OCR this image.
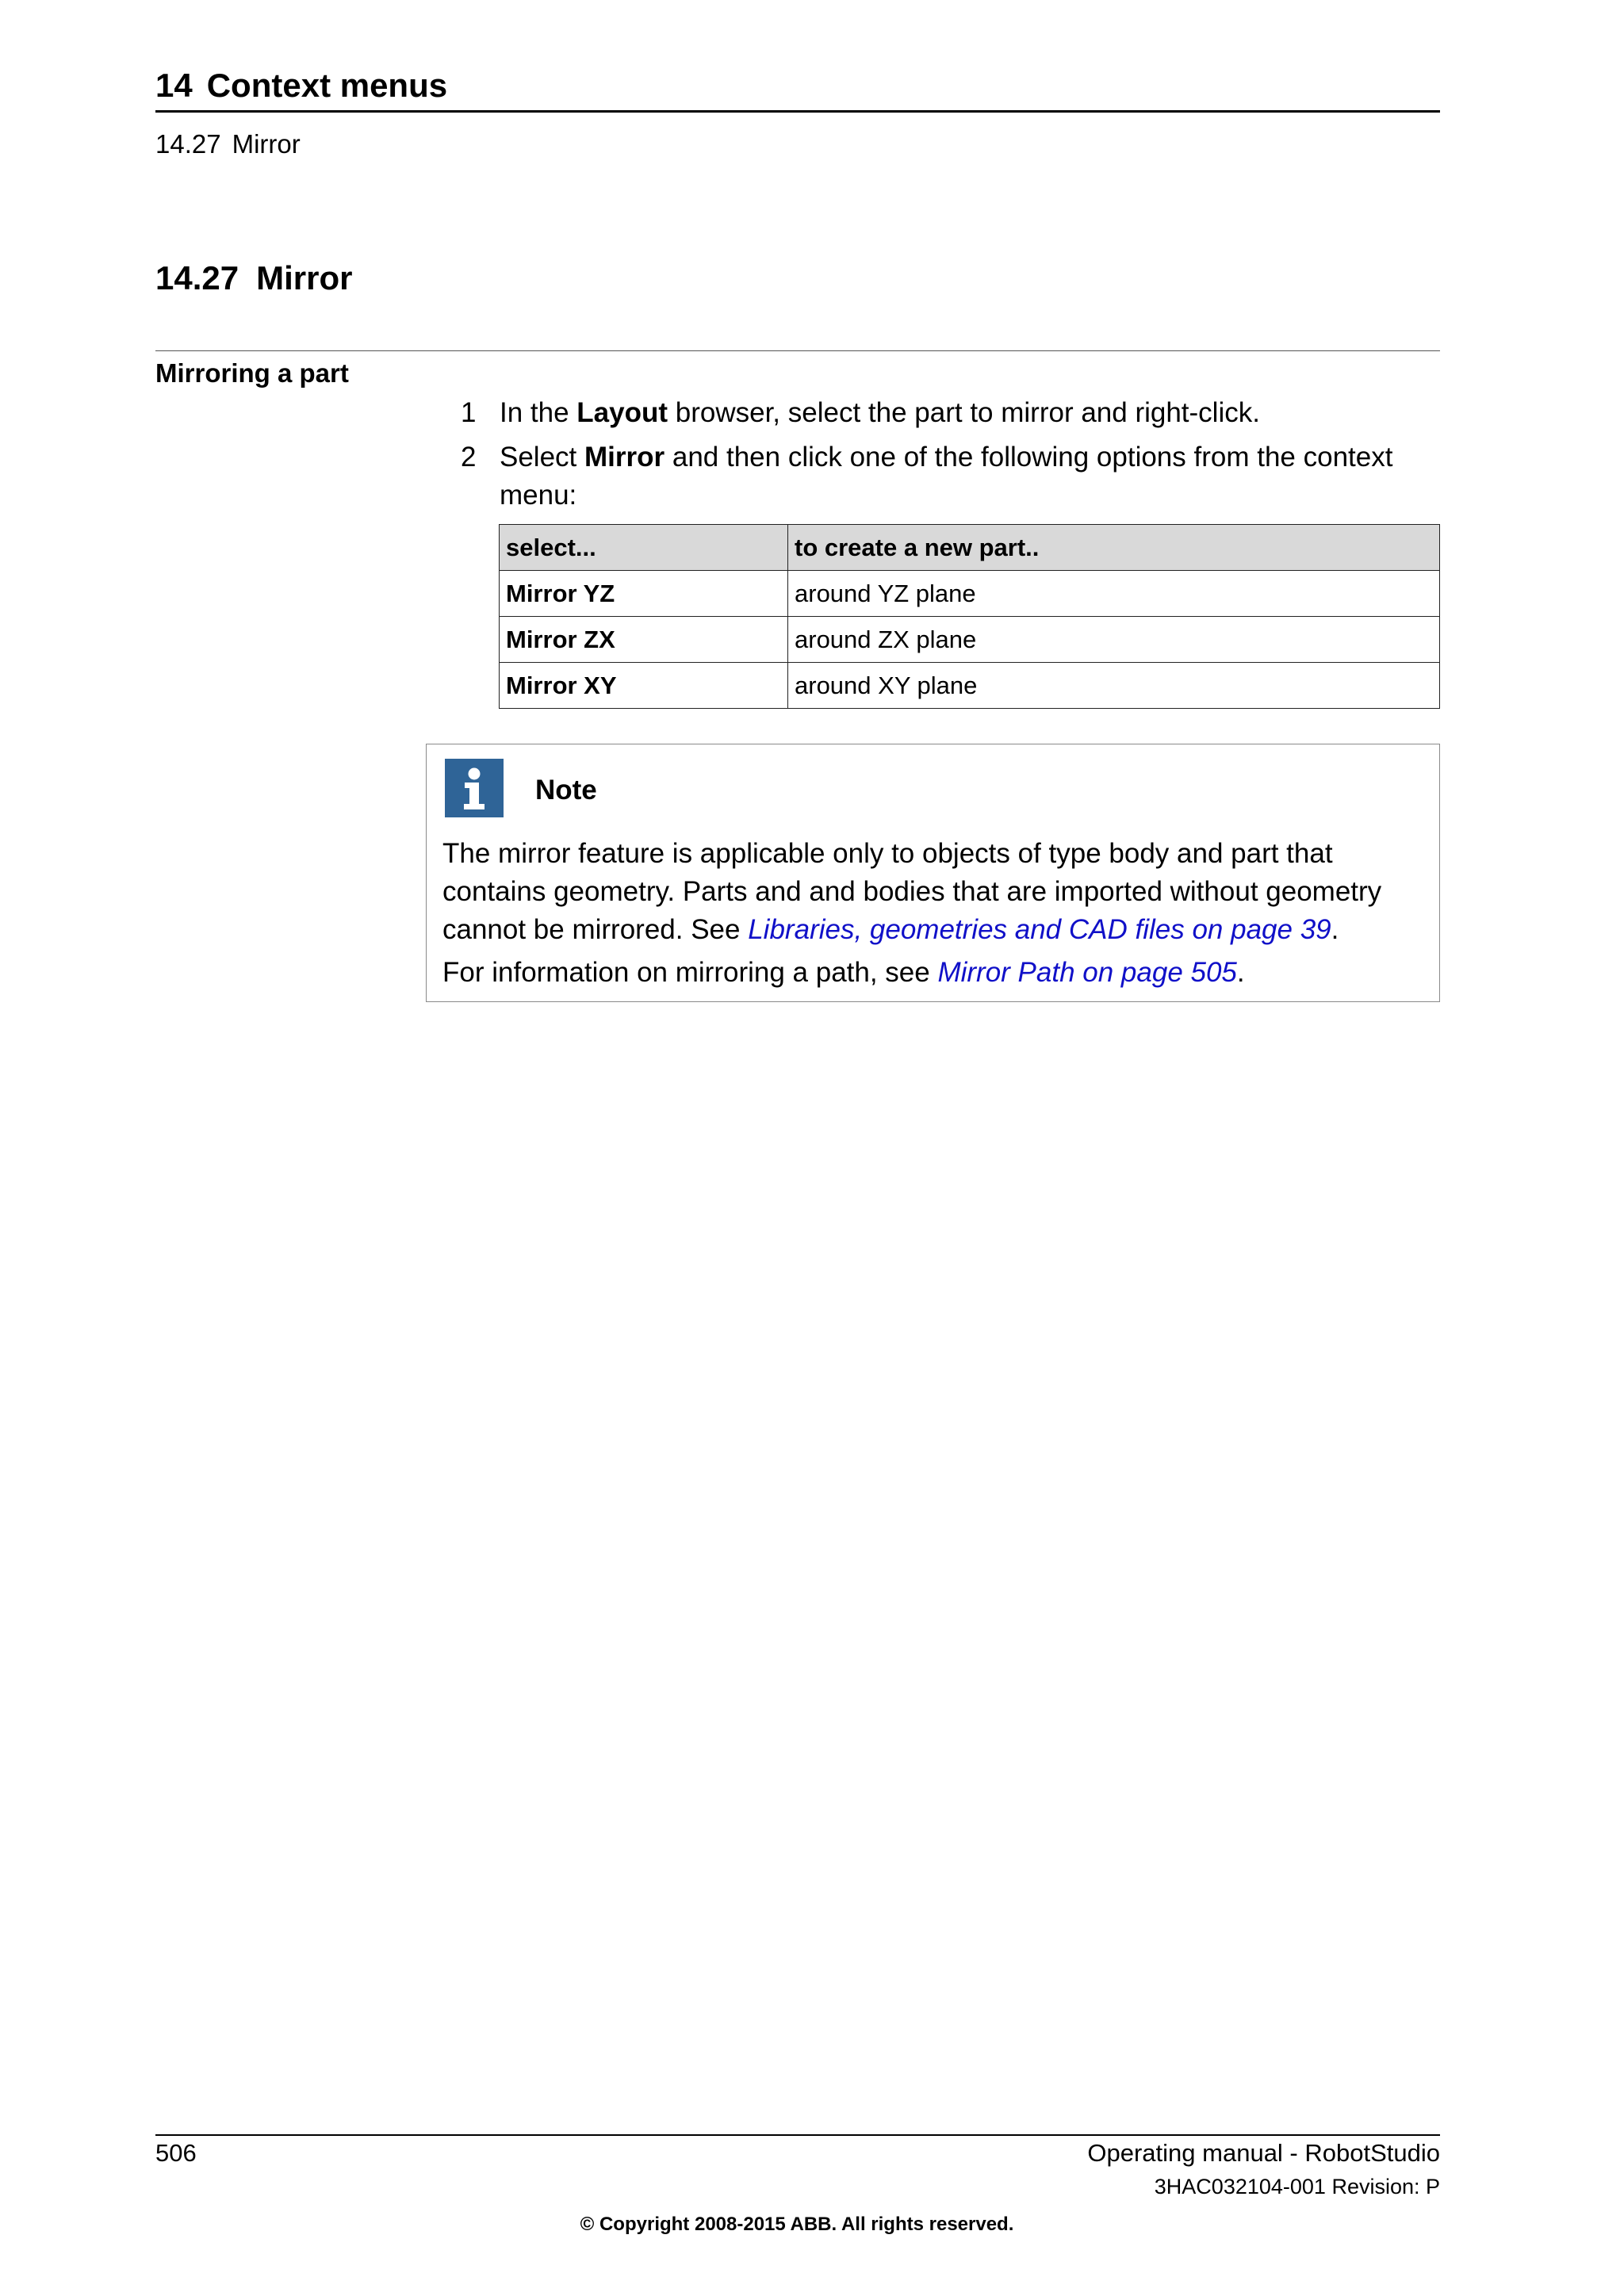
14 Context menus
14.27 Mirror
14.27 Mirror
Mirroring a part
1 In the Layout browser, select the part to mirror and right-click.
2 Select Mirror and then click one of the following options from the context menu:
select...	to create a new part..
Mirror YZ	around YZ plane
Mirror ZX	around ZX plane
Mirror XY	around XY plane
Note
The mirror feature is applicable only to objects of type body and part that contains geometry. Parts and and bodies that are imported without geometry cannot be mirrored. See Libraries, geometries and CAD files on page 39.
For information on mirroring a path, see Mirror Path on page 505.
506	Operating manual - RobotStudio
3HAC032104-001 Revision: P
© Copyright 2008-2015 ABB. All rights reserved.
